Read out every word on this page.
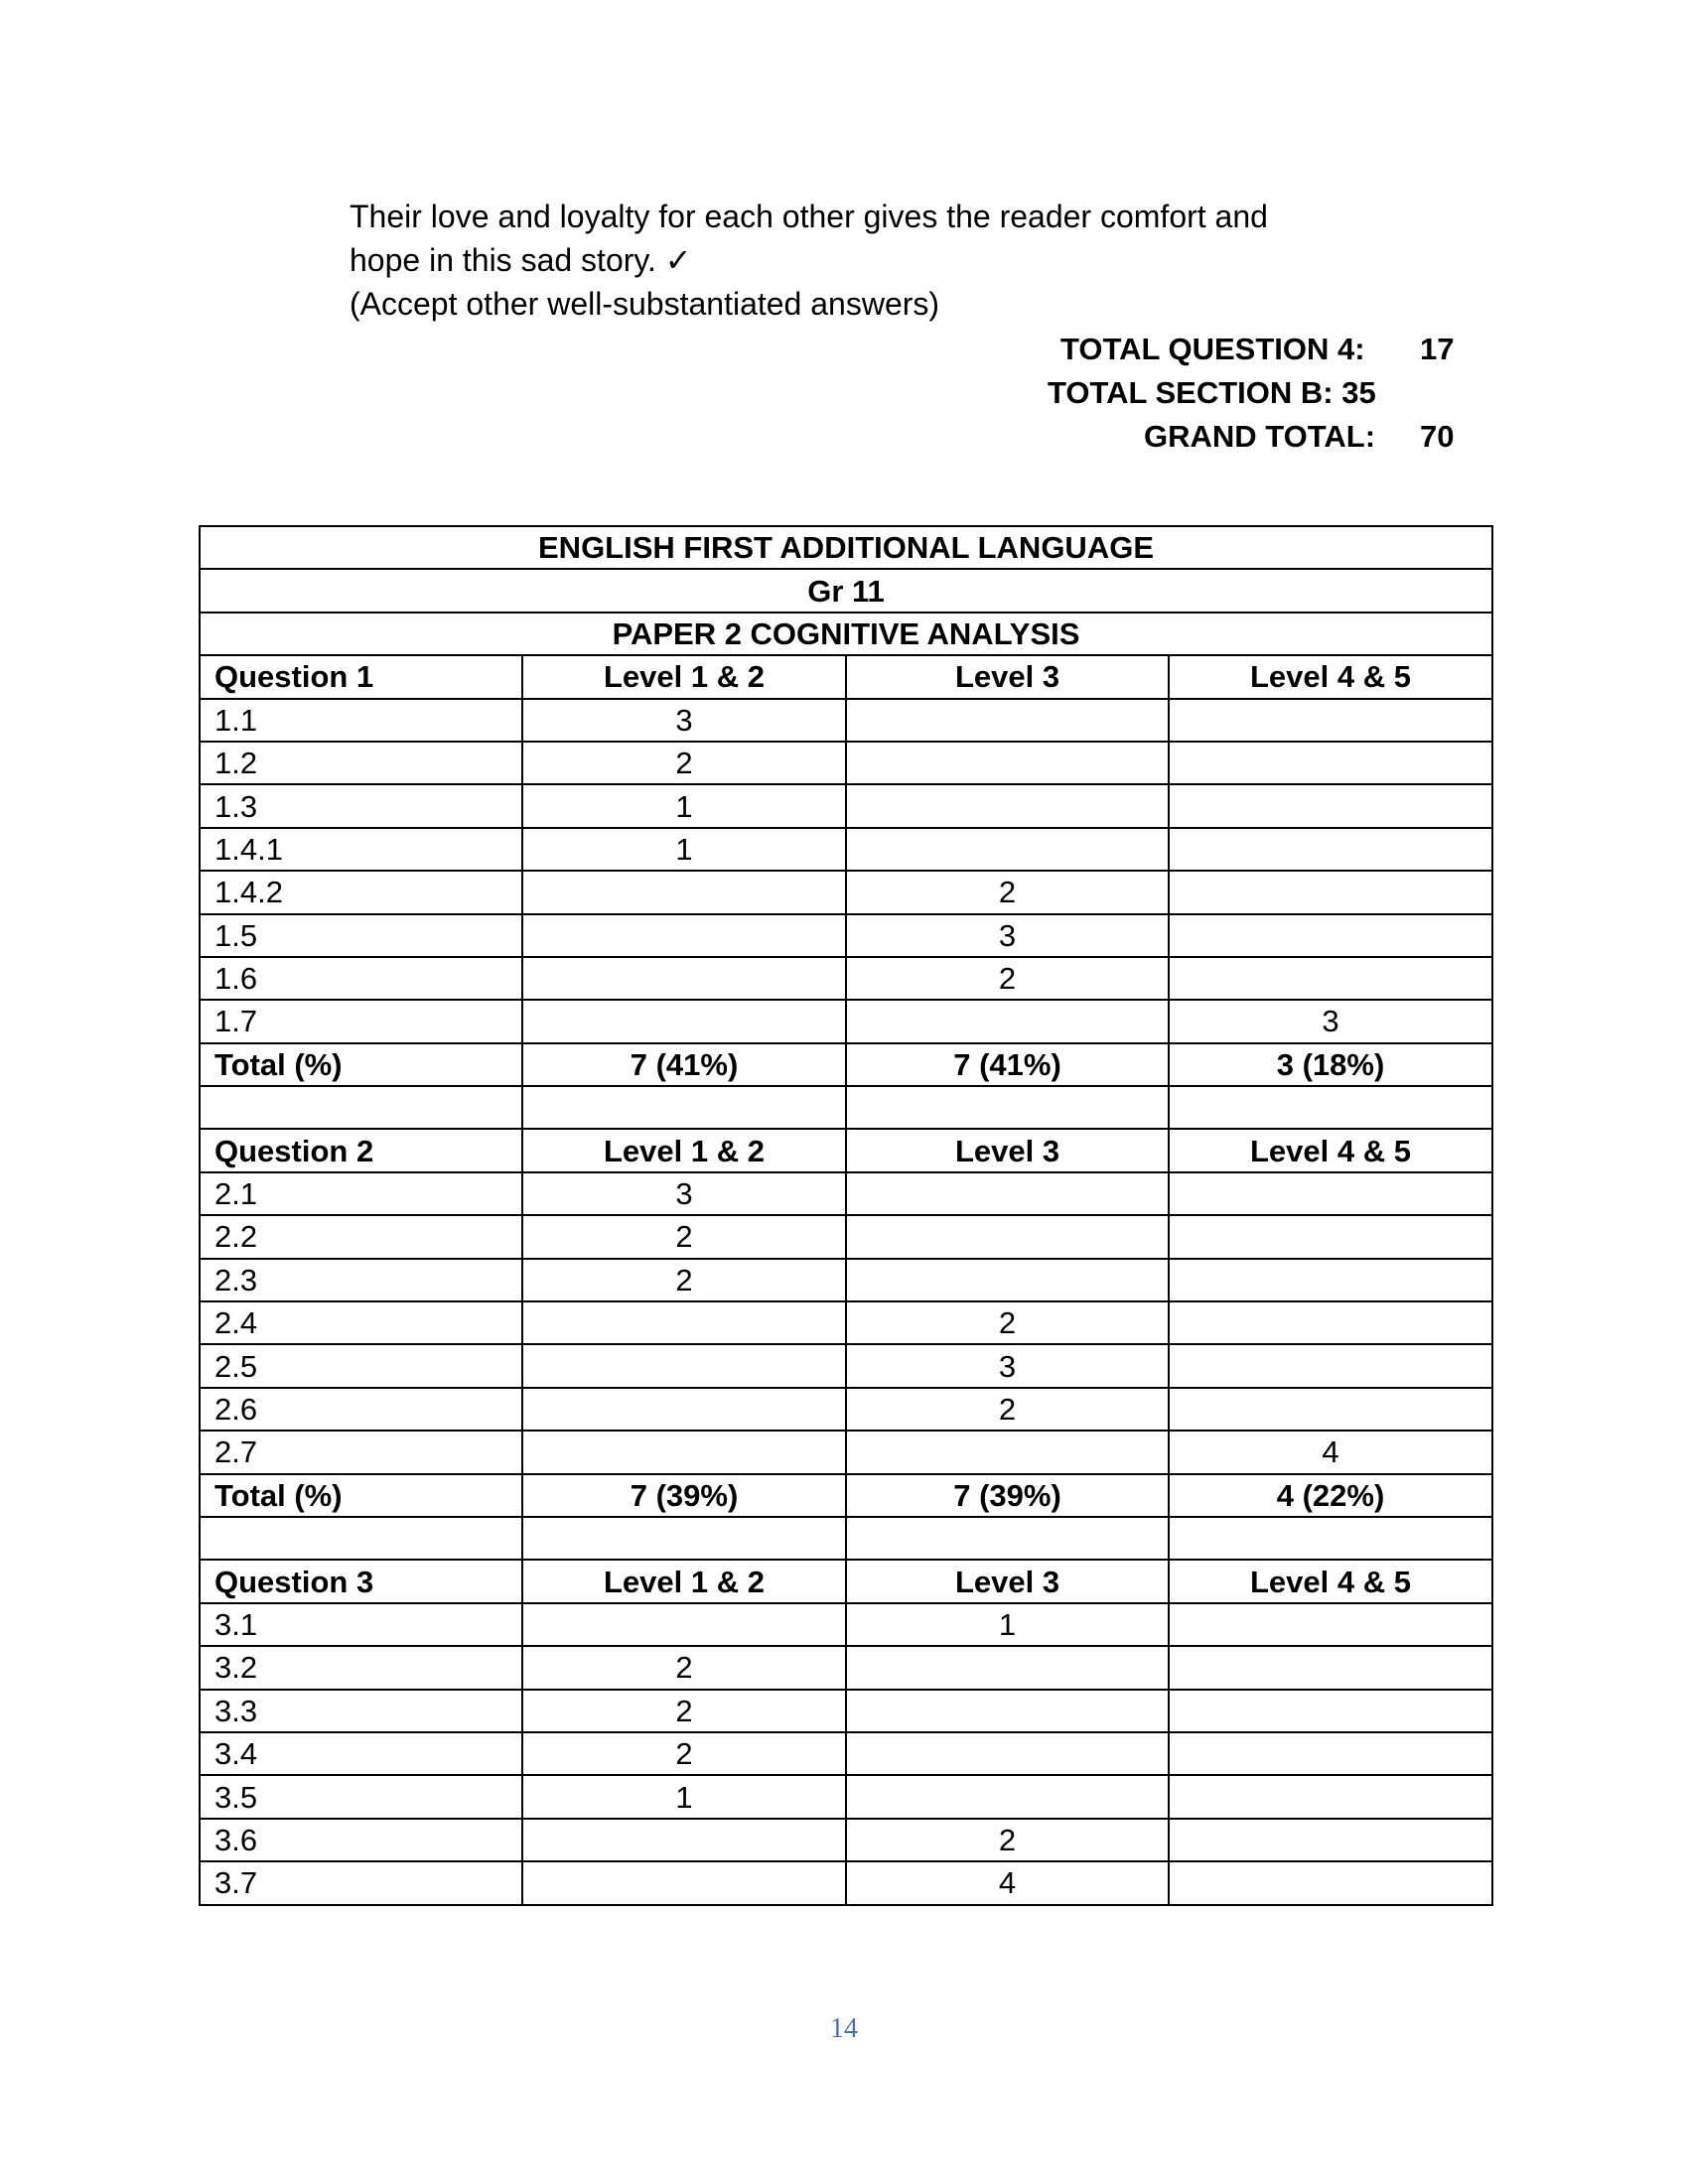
Their love and loyalty for each other gives the reader comfort and

hope in this sad story. ✓

(Accept other well-substantiated answers)

TOTAL QUESTION 4: 17
TOTAL SECTION B: 35
GRAND TOTAL: 70
ENGLISH FIRST ADDITIONAL LANGUAGE			
Gr 11			
PAPER 2 COGNITIVE ANALYSIS			
Question 1	Level 1 & 2	Level 3	Level 4 & 5
1.1	3		
1.2	2		
1.3	1		
1.4.1	1		
1.4.2		2	
1.5		3	
1.6		2	
1.7			3
Total (%)	7 (41%)	7 (41%)	3 (18%)

Question 2	Level 1 & 2	Level 3	Level 4 & 5
2.1	3		
2.2	2		
2.3	2		
2.4		2	
2.5		3	
2.6		2	
2.7			4
Total (%)	7 (39%)	7 (39%)	4 (22%)

Question 3	Level 1 & 2	Level 3	Level 4 & 5
3.1		1	
3.2	2		
3.3	2		
3.4	2		
3.5	1		
3.6		2	
3.7		4	
14
